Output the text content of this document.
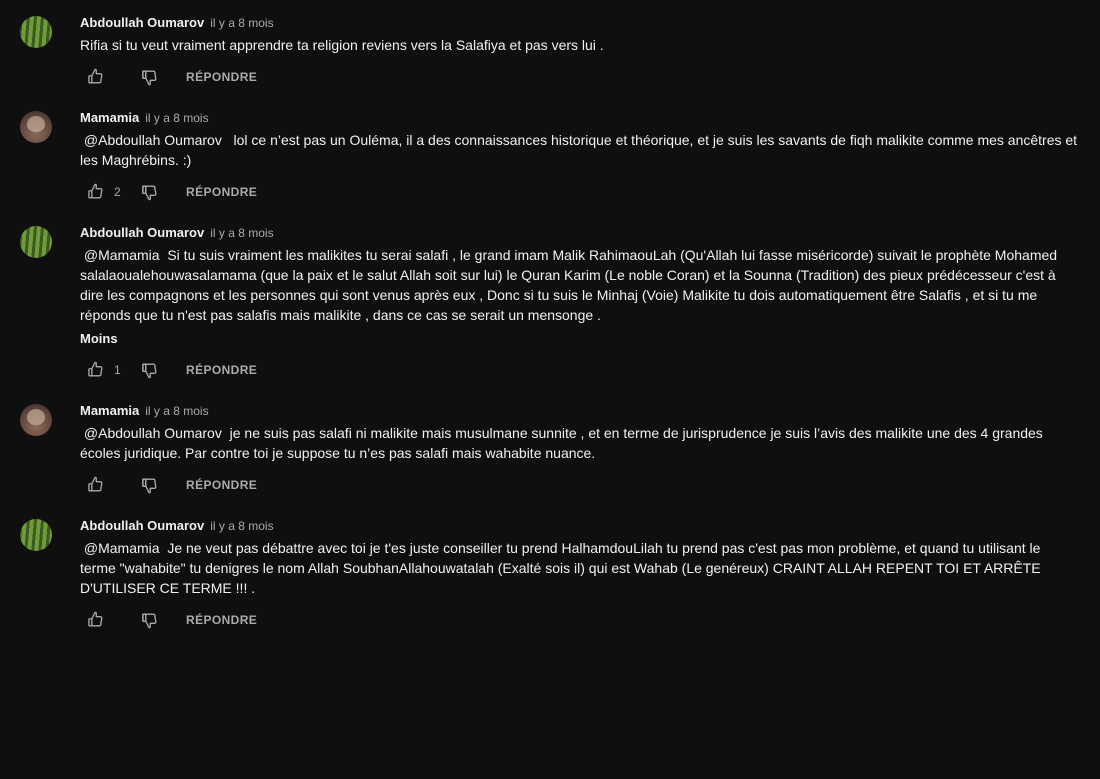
Abdoullah Oumarov il y a 8 mois
Rifia si tu veut vraiment apprendre ta religion reviens vers la Salafiya et pas vers lui .
RÉPONDRE
Mamamia il y a 8 mois
@Abdoullah Oumarov   lol ce n’est pas un Ouléma, il a des connaissances historique et théorique, et je suis les savants de fiqh malikite comme mes ancêtres et les Maghrébins. :)
2	RÉPONDRE
Abdoullah Oumarov il y a 8 mois
@Mamamia  Si tu suis vraiment les malikites tu serai salafi , le grand imam Malik RahimaouLah (Qu'Allah lui fasse miséricorde) suivait le prophète Mohamed salalaoualehouwasalamama (que la paix et le salut Allah soit sur lui) le Quran Karim (Le noble Coran) et la Sounna (Tradition) des pieux prédécesseur c'est à dire les compagnons et les personnes qui sont venus après eux , Donc si tu suis le Minhaj (Voie) Malikite tu dois automatiquement être Salafis , et si tu me réponds que tu n'est pas salafis mais malikite , dans ce cas se serait un mensonge .
Moins
1	RÉPONDRE
Mamamia il y a 8 mois
@Abdoullah Oumarov  je ne suis pas salafi ni malikite mais musulmane sunnite , et en terme de jurisprudence je suis l’avis des malikite une des 4 grandes écoles juridique. Par contre toi je suppose tu n’es pas salafi mais wahabite nuance.
RÉPONDRE
Abdoullah Oumarov il y a 8 mois
@Mamamia  Je ne veut pas débattre avec toi je t'es juste conseiller tu prend HalhamdouLilah tu prend pas c'est pas mon problème, et quand tu utilisant le terme "wahabite" tu denigres le nom Allah SoubhanAllahouwatalah (Exalté sois il) qui est Wahab (Le genéreux) CRAINT ALLAH REPENT TOI ET ARRÊTE D'UTILISER CE TERME !!! .
RÉPONDRE
